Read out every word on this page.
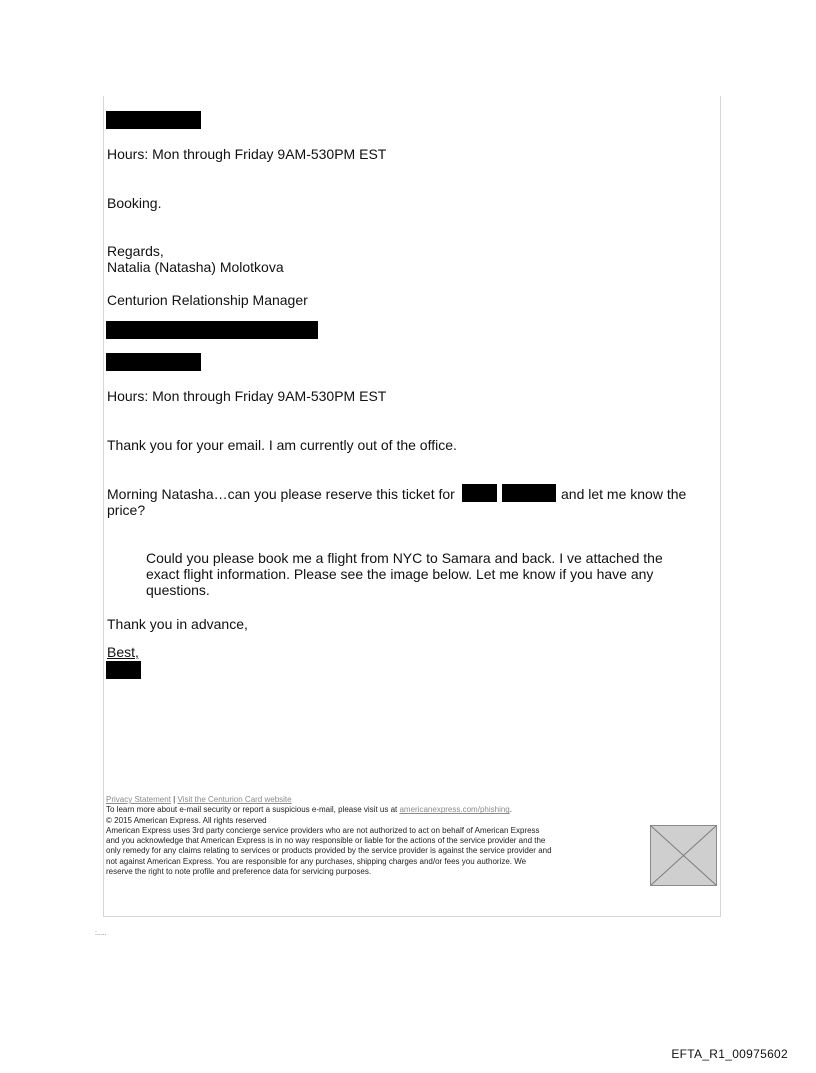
Hours: Mon through Friday 9AM-530PM EST
Booking.
Regards,
Natalia (Natasha) Molotkova
Centurion Relationship Manager
Hours: Mon through Friday 9AM-530PM EST
Thank you for your email. I am currently out of the office.
Morning Natasha…can you please reserve this ticket for	and let me know the
price?
Could you please book me a flight from NYC to Samara and back. I ve attached the
exact flight information. Please see the image below. Let me know if you have any
questions.
Thank you in advance,
Best,
Privacy Statement | Visit the Centurion Card website
To learn more about e-mail security or report a suspicious e-mail, please visit us at americanexpress.com/phishing.
© 2015 American Express. All rights reserved
American Express uses 3rd party concierge service providers who are not authorized to act on behalf of American Express
and you acknowledge that American Express is in no way responsible or liable for the actions of the service provider and the
only remedy for any claims relating to services or products provided by the service provider is against the service provider and
not against American Express. You are responsible for any purchases, shipping charges and/or fees you authorize. We
reserve the right to note profile and preference data for servicing purposes.
:.....
EFTA_R1_00975602
